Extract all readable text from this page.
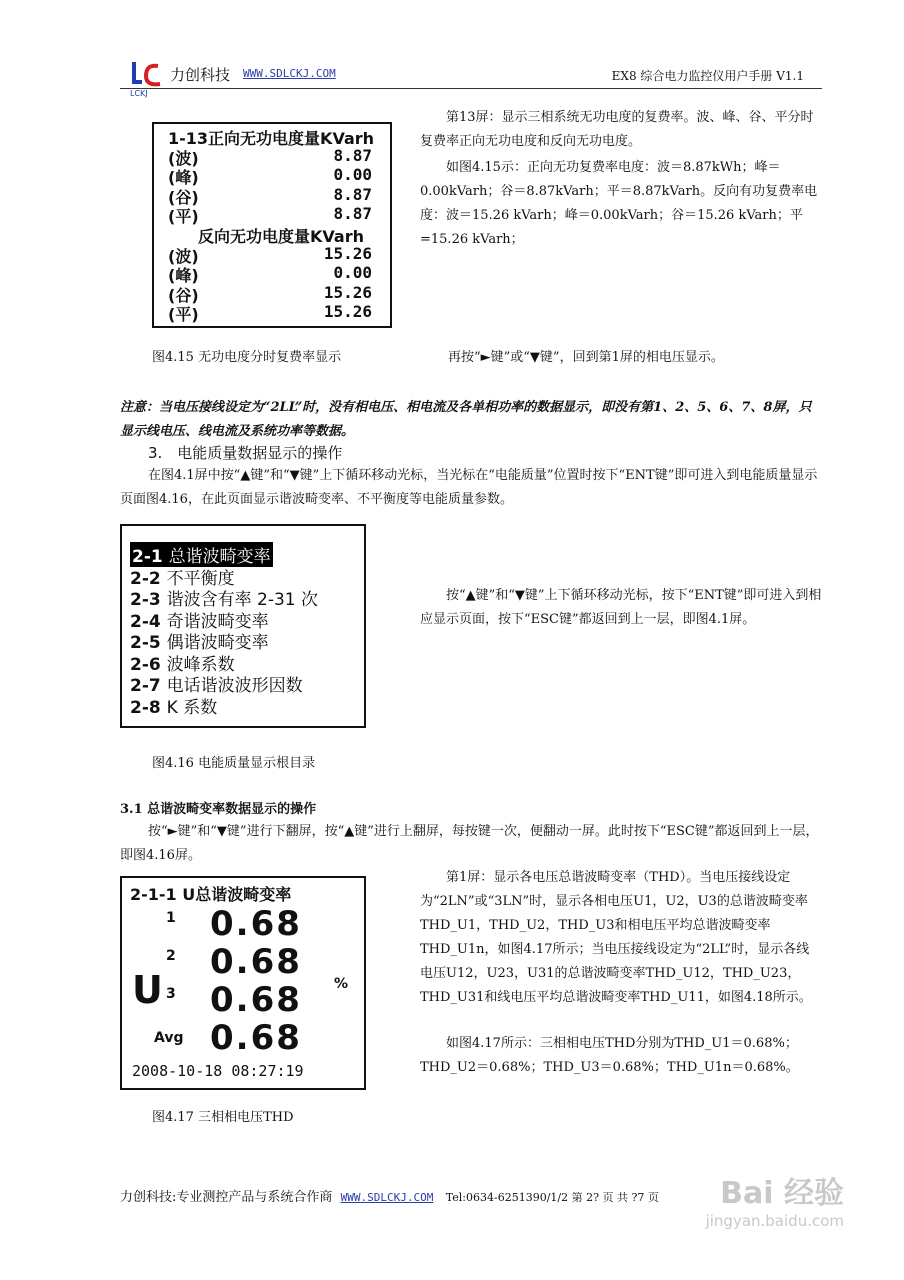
LCKJ
力创科技 WWW.SDLCKJ.COM	EX8 综合电力监控仪用户手册 V1.1
1-13正向无功电度量KVarh
(波)	8.87
(峰)	0.00
(谷)	8.87
(平)	8.87
反向无功电度量KVarh
(波)	15.26
(峰)	0.00
(谷)	15.26
(平)	15.26
图4.15 无功电度分时复费率显示

第13屏：显示三相系统无功电度的复费率。波、峰、谷、平分时复费率正向无功电度和反向无功电度。

如图4.15示：正向无功复费率电度：波＝8.87kWh；峰＝0.00kVarh；谷＝8.87kVarh；平＝8.87kVarh。反向有功复费率电度：波＝15.26 kVarh；峰＝0.00kVarh；谷＝15.26 kVarh；平=15.26 kVarh；

再按“►键”或“▼键”，回到第1屏的相电压显示。

注意：当电压接线设定为“2LL”时，没有相电压、相电流及各单相功率的数据显示，即没有第1、2、5、6、7、8屏，只显示线电压、线电流及系统功率等数据。
3.　电能质量数据显示的操作

在图4.1屏中按“▲键”和“▼键”上下循环移动光标，当光标在“电能质量”位置时按下“ENT键”即可进入到电能质量显示页面图4.16，在此页面显示谐波畸变率、不平衡度等电能质量参数。

2-1 总谐波畸变率
2-2 不平衡度
2-3 谐波含有率 2-31 次
2-4 奇谐波畸变率
2-5 偶谐波畸变率
2-6 波峰系数
2-7 电话谐波波形因数
2-8 K 系数
图4.16 电能质量显示根目录

按“▲键”和“▼键”上下循环移动光标，按下“ENT键”即可进入到相应显示页面，按下“ESC键”都返回到上一层，即图4.1屏。

3.1 总谐波畸变率数据显示的操作

按“►键”和“▼键”进行下翻屏，按“▲键”进行上翻屏，每按键一次，便翻动一屏。此时按下“ESC键”都返回到上一层，即图4.16屏。

2-1-1 U总谐波畸变率
U	%
1 0.68
2 0.68
3 0.68
Avg 0.68
2008-10-18 08:27:19
图4.17 三相相电压THD

第1屏：显示各电压总谐波畸变率（THD）。当电压接线设定为“2LN”或“3LN”时，显示各相电压U1，U2，U3的总谐波畸变率THD_U1，THD_U2，THD_U3和相电压平均总谐波畸变率THD_U1n，如图4.17所示；当电压接线设定为“2LL”时，显示各线电压U12，U23，U31的总谐波畸变率THD_U12，THD_U23，THD_U31和线电压平均总谐波畸变率THD_U11，如图4.18所示。

如图4.17所示：三相相电压THD分别为THD_U1＝0.68%；THD_U2＝0.68%；THD_U3＝0.68%；THD_U1n＝0.68%。

力创科技:专业测控产品与系统合作商 WWW.SDLCKJ.COM Tel:0634-6251390/1/2 第 2? 页 共 ?7 页	Bai 经验
jingyan.baidu.com
